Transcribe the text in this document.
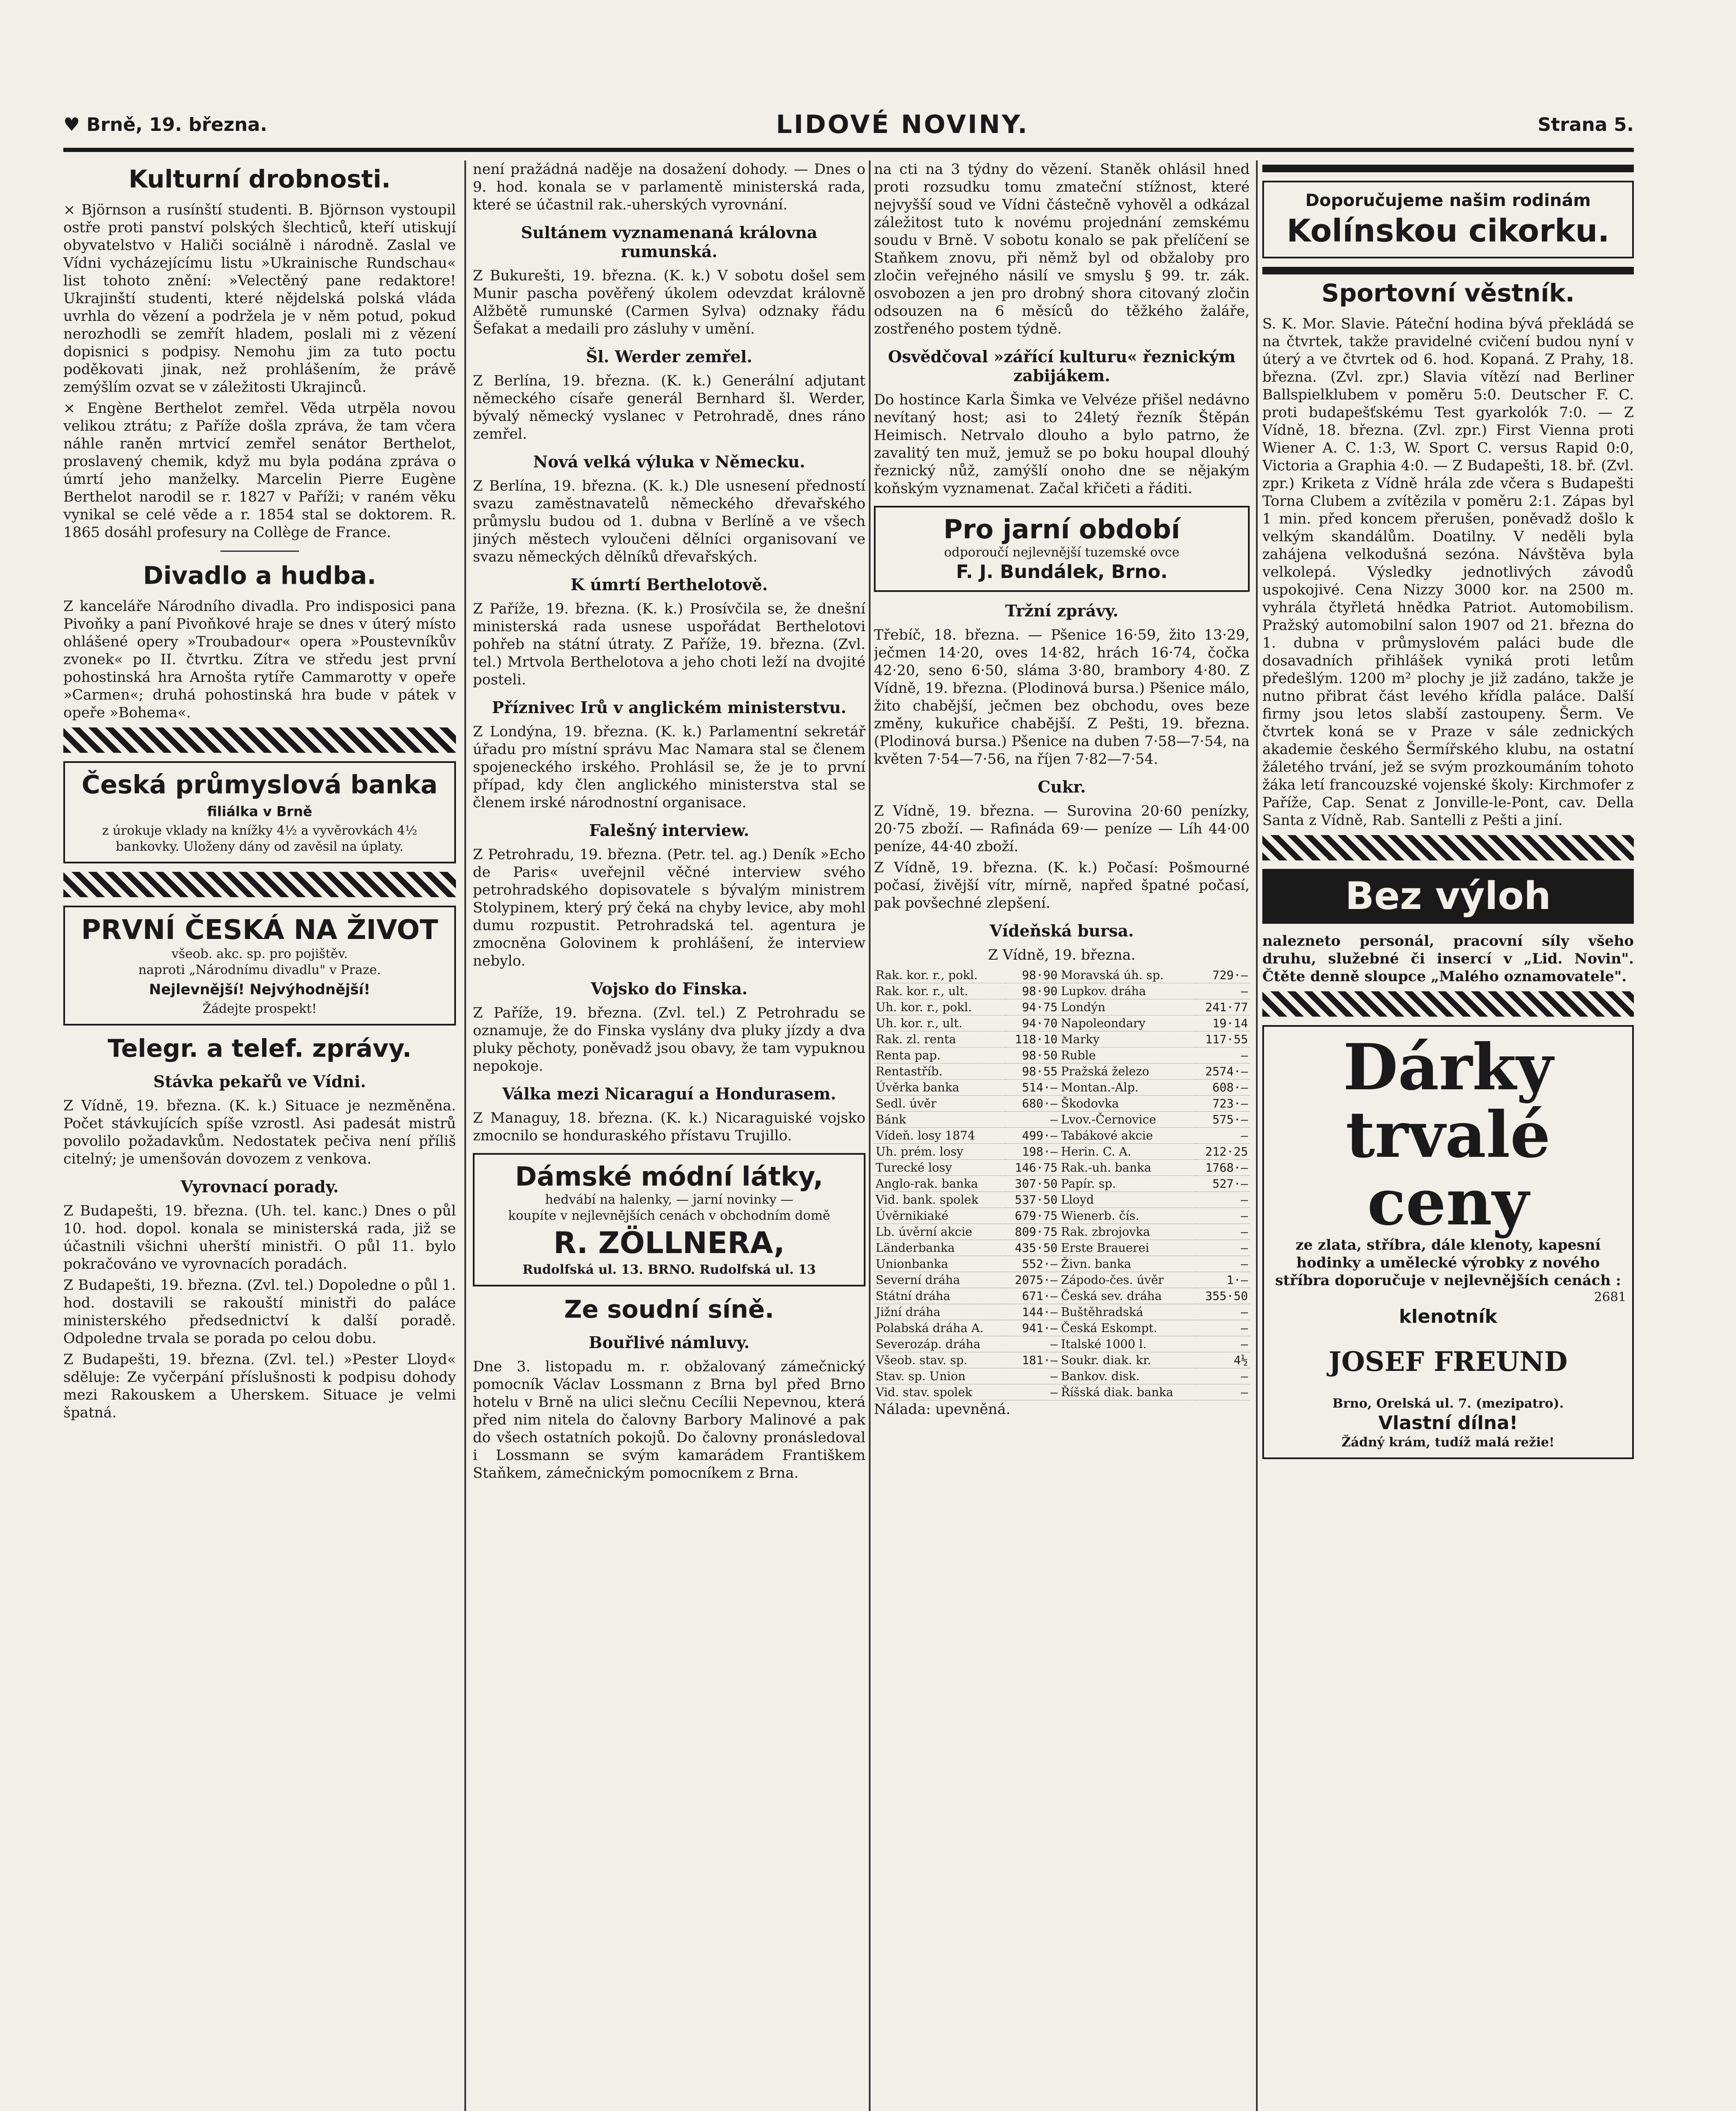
♥ Brně, 19. března.	LIDOVÉ NOVINY.	Strana 5.
Kulturní drobnosti.

× Björnson a rusínští studenti. B. Björnson vystoupil ostře proti panství polských šlechticů, kteří utiskují obyvatelstvo v Haliči sociálně i národně. Zaslal ve Vídni vycházejícímu listu »Ukrainische Rundschau« list tohoto znění: »Velectěný pane redaktore! Ukrajinští studenti, které nějdelská polská vláda uvrhla do vězení a podržela je v něm potud, pokud nerozhodli se zemřít hladem, poslali mi z vězení dopisnici s podpisy. Nemohu jim za tuto poctu poděkovati jinak, než prohlášením, že právě zemýšlím ozvat se v záležitosti Ukrajinců.

× Engène Berthelot zemřel. Věda utrpěla novou velikou ztrátu; z Paříže došla zpráva, že tam včera náhle raněn mrtvicí zemřel senátor Berthelot, proslavený chemik, když mu byla podána zpráva o úmrtí jeho manželky. Marcelin Pierre Eugène Berthelot narodil se r. 1827 v Paříži; v raném věku vynikal se celé věde a r. 1854 stal se doktorem. R. 1865 dosáhl profesury na Collège de France.

Divadlo a hudba.

Z kanceláře Národního divadla. Pro indisposici pana Pivoňky a paní Pivoňkové hraje se dnes v úterý místo ohlášené opery »Troubadour« opera »Poustevníkův zvonek« po II. čtvrtku. Zítra ve středu jest první pohostinská hra Arnošta rytíře Cammarotty v opeře »Carmen«; druhá pohostinská hra bude v pátek v opeře »Bohema«.

Česká průmyslová banka
filiálka v Brně
z úrokuje vklady na knížky 4½ a vyvěrovkách 4½ bankovky. Uloženy dány od zavěsil na úplaty.
PRVNÍ ČESKÁ NA ŽIVOT
všeob. akc. sp. pro pojištěv.
naproti „Národnímu divadlu" v Praze.
Nejlevnější! Nejvýhodnější!
Žádejte prospekt!
Telegr. a telef. zprávy.
Stávka pekařů ve Vídni.

Z Vídně, 19. března. (K. k.) Situace je nezměněna. Počet stávkujících spíše vzrostl. Asi padesát mistrů povolilo požadavkům. Nedostatek pečiva není příliš citelný; je umenšován dovozem z venkova.

Vyrovnací porady.

Z Budapešti, 19. března. (Uh. tel. kanc.) Dnes o půl 10. hod. dopol. konala se ministerská rada, již se účastnili všichni uherští ministři. O půl 11. bylo pokračováno ve vyrovnacích poradách.

Z Budapešti, 19. března. (Zvl. tel.) Dopoledne o půl 1. hod. dostavili se rakouští ministři do paláce ministerského předsednictví k další poradě. Odpoledne trvala se porada po celou dobu.

Z Budapešti, 19. března. (Zvl. tel.) »Pester Lloyd« sděluje: Ze vyčerpání příslušnosti k podpisu dohody mezi Rakouskem a Uherskem. Situace je velmi špatná.

není pražádná naděje na dosažení dohody. — Dnes o 9. hod. konala se v parlamentě ministerská rada, které se účastnil rak.-uherských vyrovnání.

Sultánem vyznamenaná královna rumunská.

Z Bukurešti, 19. března. (K. k.) V sobotu došel sem Munir pascha pověřený úkolem odevzdat královně Alžbětě rumunské (Carmen Sylva) odznaky řádu Šefakat a medaili pro zásluhy v umění.

Šl. Werder zemřel.

Z Berlína, 19. března. (K. k.) Generální adjutant německého císaře generál Bernhard šl. Werder, bývalý německý vyslanec v Petrohradě, dnes ráno zemřel.

Nová velká výluka v Německu.

Z Berlína, 19. března. (K. k.) Dle usnesení předností svazu zaměstnavatelů německého dřevařského průmyslu budou od 1. dubna v Berlíně a ve všech jiných městech vyloučeni dělníci organisovaní ve svazu německých dělníků dřevařských.

K úmrtí Berthelotově.

Z Paříže, 19. března. (K. k.) Prosívčila se, že dnešní ministerská rada usnese uspořádat Berthelotovi pohřeb na státní útraty. Z Paříže, 19. března. (Zvl. tel.) Mrtvola Berthelotova a jeho choti leží na dvojité posteli.

Příznivec Irů v anglickém ministerstvu.

Z Londýna, 19. března. (K. k.) Parlamentní sekretář úřadu pro místní správu Mac Namara stal se členem spojeneckého irského. Prohlásil se, že je to první případ, kdy člen anglického ministerstva stal se členem irské národnostní organisace.

Falešný interview.

Z Petrohradu, 19. března. (Petr. tel. ag.) Deník »Echo de Paris« uveřejnil věčné interview svého petrohradského dopisovatele s bývalým ministrem Stolypinem, který prý čeká na chyby levice, aby mohl dumu rozpustit. Petrohradská tel. agentura je zmocněna Golovinem k prohlášení, že interview nebylo.

Vojsko do Finska.

Z Paříže, 19. března. (Zvl. tel.) Z Petrohradu se oznamuje, že do Finska vyslány dva pluky jízdy a dva pluky pěchoty, poněvadž jsou obavy, že tam vypuknou nepokoje.

Válka mezi Nicaraguí a Hondurasem.

Z Managuy, 18. března. (K. k.) Nicaraguiské vojsko zmocnilo se honduraského přístavu Trujillo.

Dámské módní látky,
hedvábí na halenky, — jarní novinky —
koupíte v nejlevnějších cenách v obchodním domě
R. ZÖLLNERA,
Rudolfská ul. 13. BRNO. Rudolfská ul. 13
Ze soudní síně.
Bouřlivé námluvy.

Dne 3. listopadu m. r. obžalovaný zámečnický pomocník Václav Lossmann z Brna byl před Brno hotelu v Brně na ulici slečnu Cecílii Nepevnou, která před nim nitela do čalovny Barbory Malinové a pak do všech ostatních pokojů. Do čalovny pronásledoval i Lossmann se svým kamarádem Františkem Staňkem, zámečnickým pomocníkem z Brna.

na cti na 3 týdny do vězení. Staněk ohlásil hned proti rozsudku tomu zmateční stížnost, které nejvyšší soud ve Vídni částečně vyhověl a odkázal záležitost tuto k novému projednání zemskému soudu v Brně. V sobotu konalo se pak přelíčení se Staňkem znovu, při němž byl od obžaloby pro zločin veřejného násilí ve smyslu § 99. tr. zák. osvobozen a jen pro drobný shora citovaný zločin odsouzen na 6 měsíců do těžkého žaláře, zostřeného postem týdně.

Osvědčoval »zářící kulturu« řeznickým zabijákem.

Do hostince Karla Šimka ve Velvéze přišel nedávno nevítaný host; asi to 24letý řezník Štěpán Heimisch. Netrvalo dlouho a bylo patrno, že zavalitý ten muž, jemuž se po boku houpal dlouhý řeznický nůž, zamýšlí onoho dne se nějakým koňským vyznamenat. Začal křičeti a řáditi.

Pro jarní období
odporoučí nejlevnější tuzemské ovce
F. J. Bundálek, Brno.
Tržní zprávy.

Třebíč, 18. března. — Pšenice 16·59, žito 13·29, ječmen 14·20, oves 14·82, hrách 16·74, čočka 42·20, seno 6·50, sláma 3·80, brambory 4·80. Z Vídně, 19. března. (Plodinová bursa.) Pšenice málo, žito chabější, ječmen bez obchodu, oves beze změny, kukuřice chabější. Z Pešti, 19. března. (Plodinová bursa.) Pšenice na duben 7·58—7·54, na květen 7·54—7·56, na říjen 7·82—7·54.

Cukr.

Z Vídně, 19. března. — Surovina 20·60 penízky, 20·75 zboží. — Rafináda 69·— peníze — Líh 44·00 peníze, 44·40 zboží.

Z Vídně, 19. března. (K. k.) Počasí: Pošmourné počasí, živější vítr, mírně, napřed špatné počasí, pak povšechné zlepšení.

Vídeňská bursa.

Z Vídně, 19. března.

Rak. kor. r., pokl.	98·90	Moravská úh. sp.	729·—
Rak. kor. r., ult.	98·90	Lupkov. dráha	—
Uh. kor. r., pokl.	94·75	Londýn	241·77
Uh. kor. r., ult.	94·70	Napoleondary	19·14
Rak. zl. renta	118·10	Marky	117·55
Renta pap.	98·50	Ruble	—
Rentastříb.	98·55	Pražská železo	2574·—
Úvěrka banka	514·—	Montan.-Alp.	608·—
Sedl. úvěr	680·—	Škodovka	723·—
Bánk	—	Lvov.-Černovice	575·—
Vídeň. losy 1874	499·—	Tabákové akcie	—
Uh. prém. losy	198·—	Herin. C. A.	212·25
Turecké losy	146·75	Rak.-uh. banka	1768·—
Anglo-rak. banka	307·50	Papír. sp.	527·—
Vid. bank. spolek	537·50	Lloyd	—
Úvěrnikiaké	679·75	Wienerb. čís.	—
Lb. úvěrní akcie	809·75	Rak. zbrojovka	—
Länderbanka	435·50	Erste Brauerei	—
Unionbanka	552·—	Živn. banka	—
Severní dráha	2075·—	Zápodo-čes. úvěr	1·—
Státní dráha	671·—	Česká sev. dráha	355·50
Jižní dráha	144·—	Buštěhradská	—
Polabská dráha A.	941·—	Česká Eskompt.	—
Severozáp. dráha	—	Italské 1000 l.	—
Všeob. stav. sp.	181·—	Soukr. diak. kr.	4½
Stav. sp. Union	—	Bankov. disk.	—
Vid. stav. spolek	—	Říšská diak. banka	—

Nálada: upevněná.

Doporučujeme našim rodinám
Kolínskou cikorku.
Sportovní věstník.

S. K. Mor. Slavie. Páteční hodina bývá překládá se na čtvrtek, takže pravidelné cvičení budou nyní v úterý a ve čtvrtek od 6. hod. Kopaná. Z Prahy, 18. března. (Zvl. zpr.) Slavia vítězí nad Berliner Ballspielklubem v poměru 5:0. Deutscher F. C. proti budapešťskému Test gyarkolók 7:0. — Z Vídně, 18. března. (Zvl. zpr.) First Vienna proti Wiener A. C. 1:3, W. Sport C. versus Rapid 0:0, Victoria a Graphia 4:0. — Z Budapešti, 18. bř. (Zvl. zpr.) Kriketa z Vídně hrála zde včera s Budapešti Torna Clubem a zvítězila v poměru 2:1. Zápas byl 1 min. před koncem přerušen, poněvadž došlo k velkým skandálům. Doatilny. V neděli byla zahájena velkodušná sezóna. Návštěva byla velkolepá. Výsledky jednotlivých závodů uspokojivé. Cena Nizzy 3000 kor. na 2500 m. vyhrála čtyřletá hnědka Patriot. Automobilism. Pražský automobilní salon 1907 od 21. března do 1. dubna v průmyslovém paláci bude dle dosavadních přihlášek vyniká proti letům předešlým. 1200 m² plochy je již zadáno, takže je nutno přibrat část levého křídla paláce. Další firmy jsou letos slabší zastoupeny. Šerm. Ve čtvrtek koná se v Praze v sále zednických akademie českého Šermířského klubu, na ostatní žáletého trvání, jež se svým prozkoumáním tohoto žáka letí francouzské vojenské školy: Kirchmofer z Paříže, Cap. Senat z Jonville-le-Pont, cav. Della Santa z Vídně, Rab. Santelli z Pešti a jiní.

Bez výloh

nalezneto personál, pracovní síly všeho druhu, služebné či insercí v „Lid. Novin". Čtěte denně sloupce „Malého oznamovatele".

Dárky
trvalé
ceny
ze zlata, stříbra, dále klenoty, kapesní hodinky a umělecké výrobky z nového stříbra doporučuje v nejlevnějších cenách :
2681
klenotník
JOSEF FREUND
Brno, Orelská ul. 7. (mezipatro).
Vlastní dílna!
Žádný krám, tudíž malá režie!
